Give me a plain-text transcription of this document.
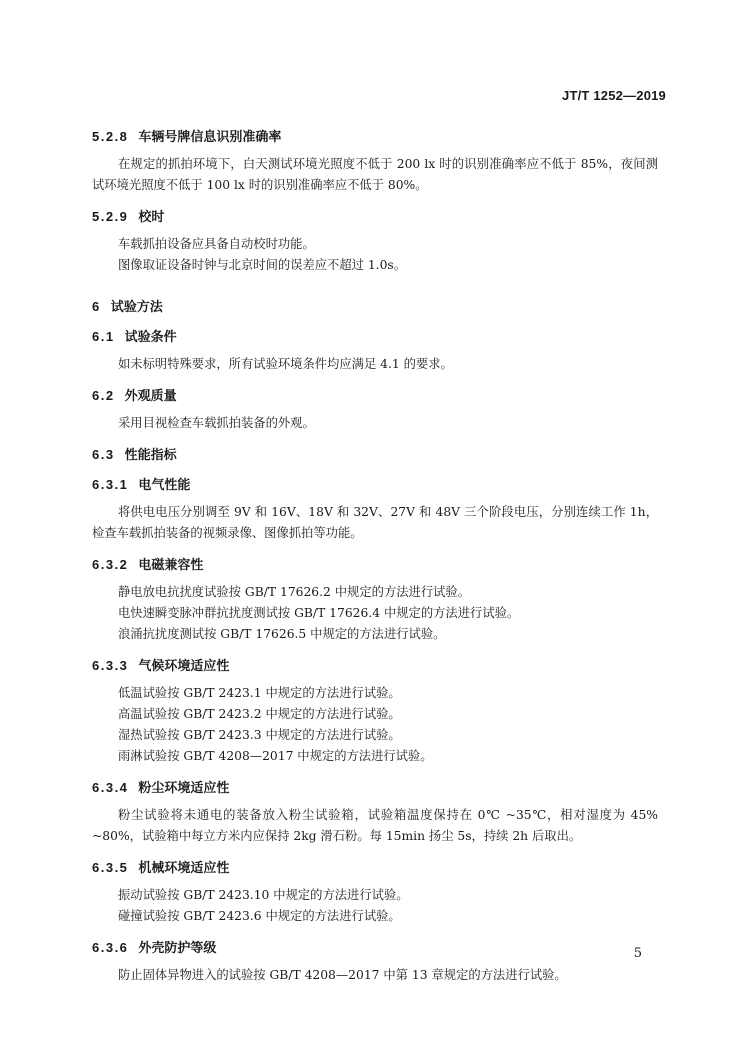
JT/T 1252—2019
5.2.8 车辆号牌信息识别准确率

在规定的抓拍环境下，白天测试环境光照度不低于 200 lx 时的识别准确率应不低于 85%，夜间测试环境光照度不低于 100 lx 时的识别准确率应不低于 80%。

5.2.9 校时

车载抓拍设备应具备自动校时功能。

图像取证设备时钟与北京时间的误差应不超过 1.0s。

6 试验方法
6.1 试验条件

如未标明特殊要求，所有试验环境条件均应满足 4.1 的要求。

6.2 外观质量

采用目视检查车载抓拍装备的外观。

6.3 性能指标
6.3.1 电气性能

将供电电压分别调至 9V 和 16V、18V 和 32V、27V 和 48V 三个阶段电压，分别连续工作 1h，检查车载抓拍装备的视频录像、图像抓拍等功能。

6.3.2 电磁兼容性

静电放电抗扰度试验按 GB/T 17626.2 中规定的方法进行试验。

电快速瞬变脉冲群抗扰度测试按 GB/T 17626.4 中规定的方法进行试验。

浪涌抗扰度测试按 GB/T 17626.5 中规定的方法进行试验。

6.3.3 气候环境适应性

低温试验按 GB/T 2423.1 中规定的方法进行试验。

高温试验按 GB/T 2423.2 中规定的方法进行试验。

湿热试验按 GB/T 2423.3 中规定的方法进行试验。

雨淋试验按 GB/T 4208—2017 中规定的方法进行试验。

6.3.4 粉尘环境适应性

粉尘试验将未通电的装备放入粉尘试验箱，试验箱温度保持在 0℃ ~35℃，相对湿度为 45% ~80%，试验箱中每立方米内应保持 2kg 滑石粉。每 15min 扬尘 5s，持续 2h 后取出。

6.3.5 机械环境适应性

振动试验按 GB/T 2423.10 中规定的方法进行试验。

碰撞试验按 GB/T 2423.6 中规定的方法进行试验。

6.3.6 外壳防护等级

防止固体异物进入的试验按 GB/T 4208—2017 中第 13 章规定的方法进行试验。

5
